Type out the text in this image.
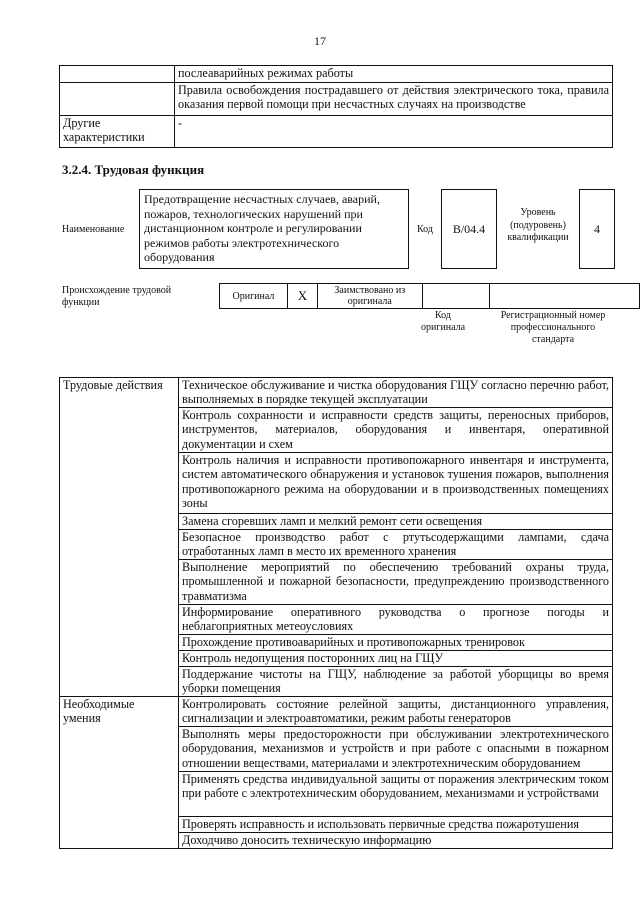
17
	послеаварийных режимах работы
	Правила освобождения пострадавшего от действия электрического тока, правила оказания первой помощи при несчастных случаях на производстве
Другие характеристики	-
3.2.4. Трудовая функция
Наименование
Предотвращение несчастных случаев, аварий, пожаров, технологических нарушений при дистанционном контроле и регулировании режимов работы электротехнического оборудования
Код	B/04.4
Уровень (подуровень) квалификации
4
Происхождение трудовой функции
Оригинал	X	Заимствовано из оригинала		
Код оригинала
Регистрационный номер профессионального стандарта
Трудовые действия	Техническое обслуживание и чистка оборудования ГЩУ согласно перечню работ, выполняемых в порядке текущей эксплуатации
	Контроль сохранности и исправности средств защиты, переносных приборов, инструментов, материалов, оборудования и инвентаря, оперативной документации и схем
	Контроль наличия и исправности противопожарного инвентаря и инструмента, систем автоматического обнаружения и установок тушения пожаров, выполнения противопожарного режима на оборудовании и в производственных помещениях зоны
	Замена сгоревших ламп и мелкий ремонт сети освещения
	Безопасное производство работ с ртутьсодержащими лампами, сдача отработанных ламп в место их временного хранения
	Выполнение мероприятий по обеспечению требований охраны труда, промышленной и пожарной безопасности, предупреждению производственного травматизма
	Информирование оперативного руководства о прогнозе погоды и неблагоприятных метеоусловиях
	Прохождение противоаварийных и противопожарных тренировок
	Контроль недопущения посторонних лиц на ГЩУ
	Поддержание чистоты на ГЩУ, наблюдение за работой уборщицы во время уборки помещения
Необходимые умения	Контролировать состояние релейной защиты, дистанционного управления, сигнализации и электроавтоматики, режим работы генераторов
	Выполнять меры предосторожности при обслуживании электротехнического оборудования, механизмов и устройств и при работе с опасными в пожарном отношении веществами, материалами и электротехническим оборудованием
	Применять средства индивидуальной защиты от поражения электрическим током при работе с электротехническим оборудованием, механизмами и устройствами
	Проверять исправность и использовать первичные средства пожаротушения
	Доходчиво доносить техническую информацию
